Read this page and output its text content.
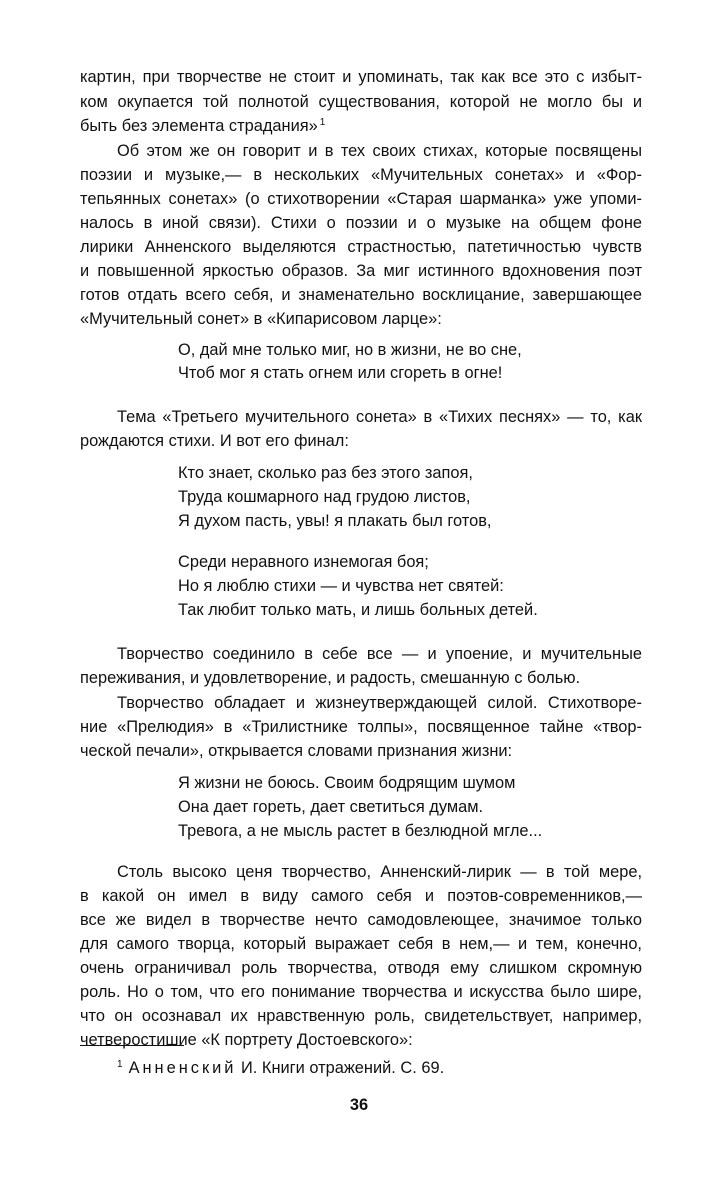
картин, при творчестве не стоит и упоминать, так как все это с избыт-

ком окупается той полнотой существования, которой не могло бы и

быть без элемента страдания» $^1$

Об этом же он говорит и в тех своих стихах, которые посвящены

поэзии и музыке,— в нескольких «Мучительных сонетах» и «Фор-

тепьянных сонетах» (о стихотворении «Старая шарманка» уже упоми-

налось в иной связи). Стихи о поэзии и о музыке на общем фоне

лирики Анненского выделяются страстностью, патетичностью чувств

и повышенной яркостью образов. За миг истинного вдохновения поэт

готов отдать всего себя, и знаменательно восклицание, завершающее

«Мучительный сонет» в «Кипарисовом ларце»:

О, дай мне только миг, но в жизни, не во сне,

Чтоб мог я стать огнем или сгореть в огне!

Тема «Третьего мучительного сонета» в «Тихих песнях» — то, как

рождаются стихи. И вот его финал:

Кто знает, сколько раз без этого запоя,

Труда кошмарного над грудою листов,

Я духом пасть, увы! я плакать был готов,

Среди неравного изнемогая боя;

Но я люблю стихи — и чувства нет святей:

Так любит только мать, и лишь больных детей.

Творчество соединило в себе все — и упоение, и мучительные

переживания, и удовлетворение, и радость, смешанную с болью.

Творчество обладает и жизнеутверждающей силой. Стихотворе-

ние «Прелюдия» в «Трилистнике толпы», посвященное тайне «твор-

ческой печали», открывается словами признания жизни:

Я жизни не боюсь. Своим бодрящим шумом

Она дает гореть, дает светиться думам.

Тревога, а не мысль растет в безлюдной мгле...

Столь высоко ценя творчество, Анненский-лирик — в той мере,

в какой он имел в виду самого себя и поэтов-современников,—

все же видел в творчестве нечто самодовлеющее, значимое только

для самого творца, который выражает себя в нем,— и тем, конечно,

очень ограничивал роль творчества, отводя ему слишком скромную

роль. Но о том, что его понимание творчества и искусства было шире,

что он осознавал их нравственную роль, свидетельствует, например,

четверостишие «К портрету Достоевского»:

$^1$ Анненский И. Книги отражений. С. 69.
36
